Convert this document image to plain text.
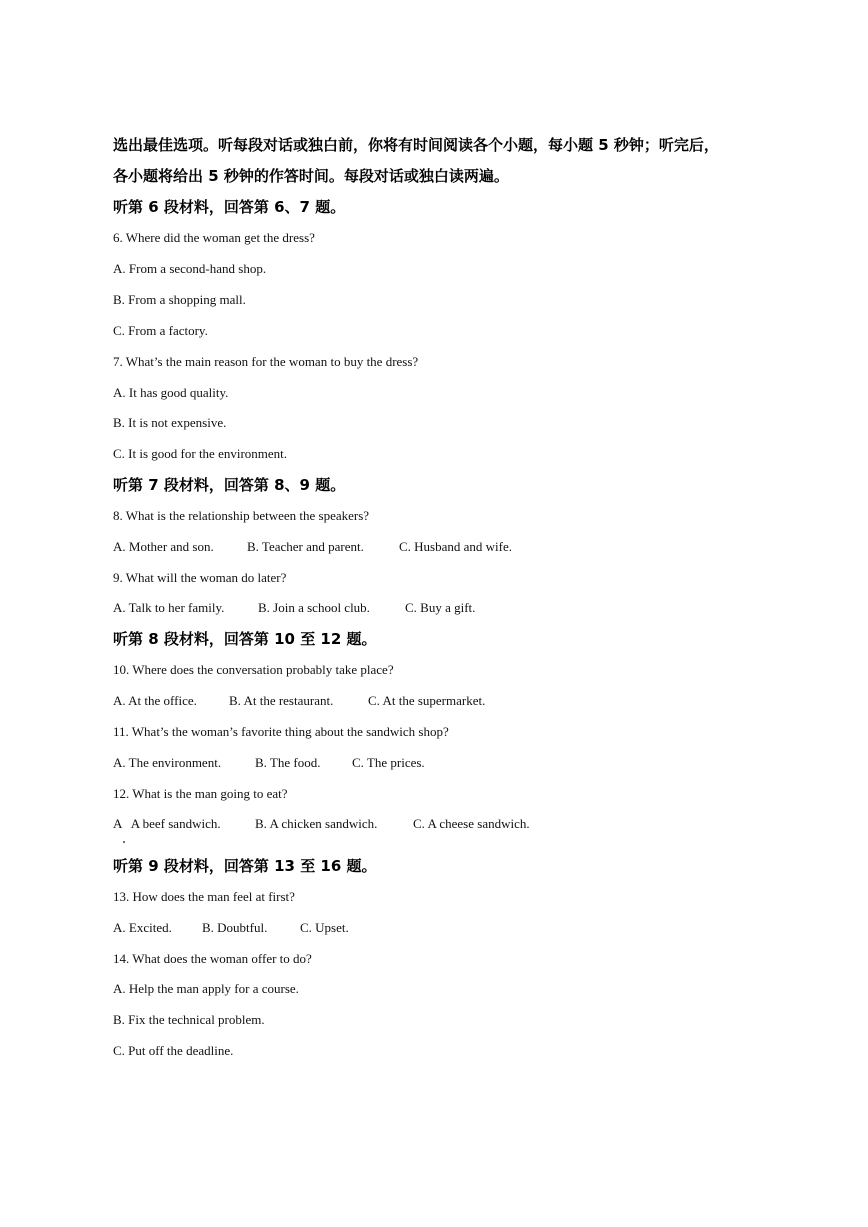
选出最佳选项。听每段对话或独白前，你将有时间阅读各个小题，每小题 5 秒钟；听完后，
各小题将给出 5 秒钟的作答时间。每段对话或独白读两遍。
听第 6 段材料，回答第 6、7 题。
6. Where did the woman get the dress?
A. From a second-hand shop.
B. From a shopping mall.
C. From a factory.
7. What’s the main reason for the woman to buy the dress?
A. It has good quality.
B. It is not expensive.
C. It is good for the environment.
听第 7 段材料，回答第 8、9 题。
8. What is the relationship between the speakers?

A. Mother and son.

	B. Teacher and parent.

	C. Husband and wife.

9. What will the woman do later?

A. Talk to her family.

	B. Join a school club.

	C. Buy a gift.

听第 8 段材料，回答第 10 至 12 题。
10. Where does the conversation probably take place?

A. At the office.

B. At the restaurant.

	C. At the supermarket.

11. What’s the woman’s favorite thing about the sandwich shop?

A. The environment.

	B. The food.

C. The prices.

12. What is the man going to eat?

A   A beef sandwich.

	B. A chicken sandwich.

	C. A cheese sandwich.

听第 9 段材料，回答第 13 至 16 题。
13. How does the man feel at first?

A. Excited.

B. Doubtful.

	C. Upset.

14. What does the woman offer to do?
A. Help the man apply for a course.
B. Fix the technical problem.
C. Put off the deadline.
